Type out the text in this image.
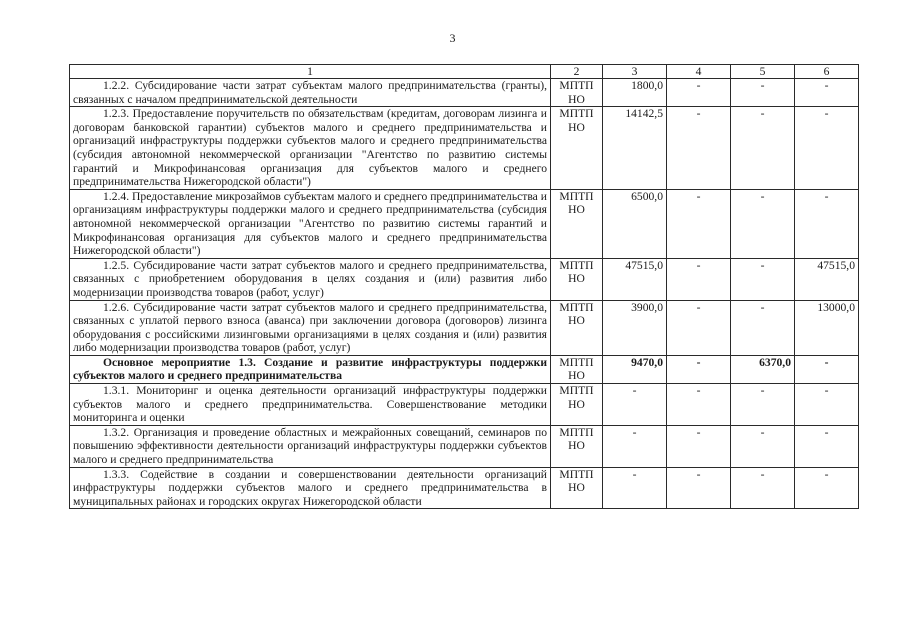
3
1	2	3	4	5	6
1.2.2. Субсидирование части затрат субъектам малого предпринимательства (гранты), связанных с началом предпринимательской деятельности	МПТП НО	1800,0	-	-	-
1.2.3. Предоставление поручительств по обязательствам (кредитам, договорам лизинга и договорам банковской гарантии) субъектов малого и среднего предпринимательства и организаций инфраструктуры поддержки субъектов малого и среднего предпринимательства (субсидия автономной некоммерческой организации "Агентство по развитию системы гарантий и Микрофинансовая организация для субъектов малого и среднего предпринимательства Нижегородской области")	МПТП НО	14142,5	-	-	-
1.2.4. Предоставление микрозаймов субъектам малого и среднего предпринимательства и организациям инфраструктуры поддержки малого и среднего предпринимательства (субсидия автономной некоммерческой организации "Агентство по развитию системы гарантий и Микрофинансовая организация для субъектов малого и среднего предпринимательства Нижегородской области")	МПТП НО	6500,0	-	-	-
1.2.5. Субсидирование части затрат субъектов малого и среднего предпринимательства, связанных с приобретением оборудования в целях создания и (или) развития либо модернизации производства товаров (работ, услуг)	МПТП НО	47515,0	-	-	47515,0
1.2.6. Субсидирование части затрат субъектов малого и среднего предпринимательства, связанных с уплатой первого взноса (аванса) при заключении договора (договоров) лизинга оборудования с российскими лизинговыми организациями в целях создания и (или) развития либо модернизации производства товаров (работ, услуг)	МПТП НО	3900,0	-	-	13000,0
Основное мероприятие 1.3. Создание и развитие инфраструктуры поддержки субъектов малого и среднего предпринимательства	МПТП НО	9470,0	-	6370,0	-
1.3.1. Мониторинг и оценка деятельности организаций инфраструктуры поддержки субъектов малого и среднего предпринимательства. Совершенствование методики мониторинга и оценки	МПТП НО	-	-	-	-
1.3.2. Организация и проведение областных и межрайонных совещаний, семинаров по повышению эффективности деятельности организаций инфраструктуры поддержки субъектов малого и среднего предпринимательства	МПТП НО	-	-	-	-
1.3.3. Содействие в создании и совершенствовании деятельности организаций инфраструктуры поддержки субъектов малого и среднего предпринимательства в муниципальных районах и городских округах Нижегородской области	МПТП НО	-	-	-	-
